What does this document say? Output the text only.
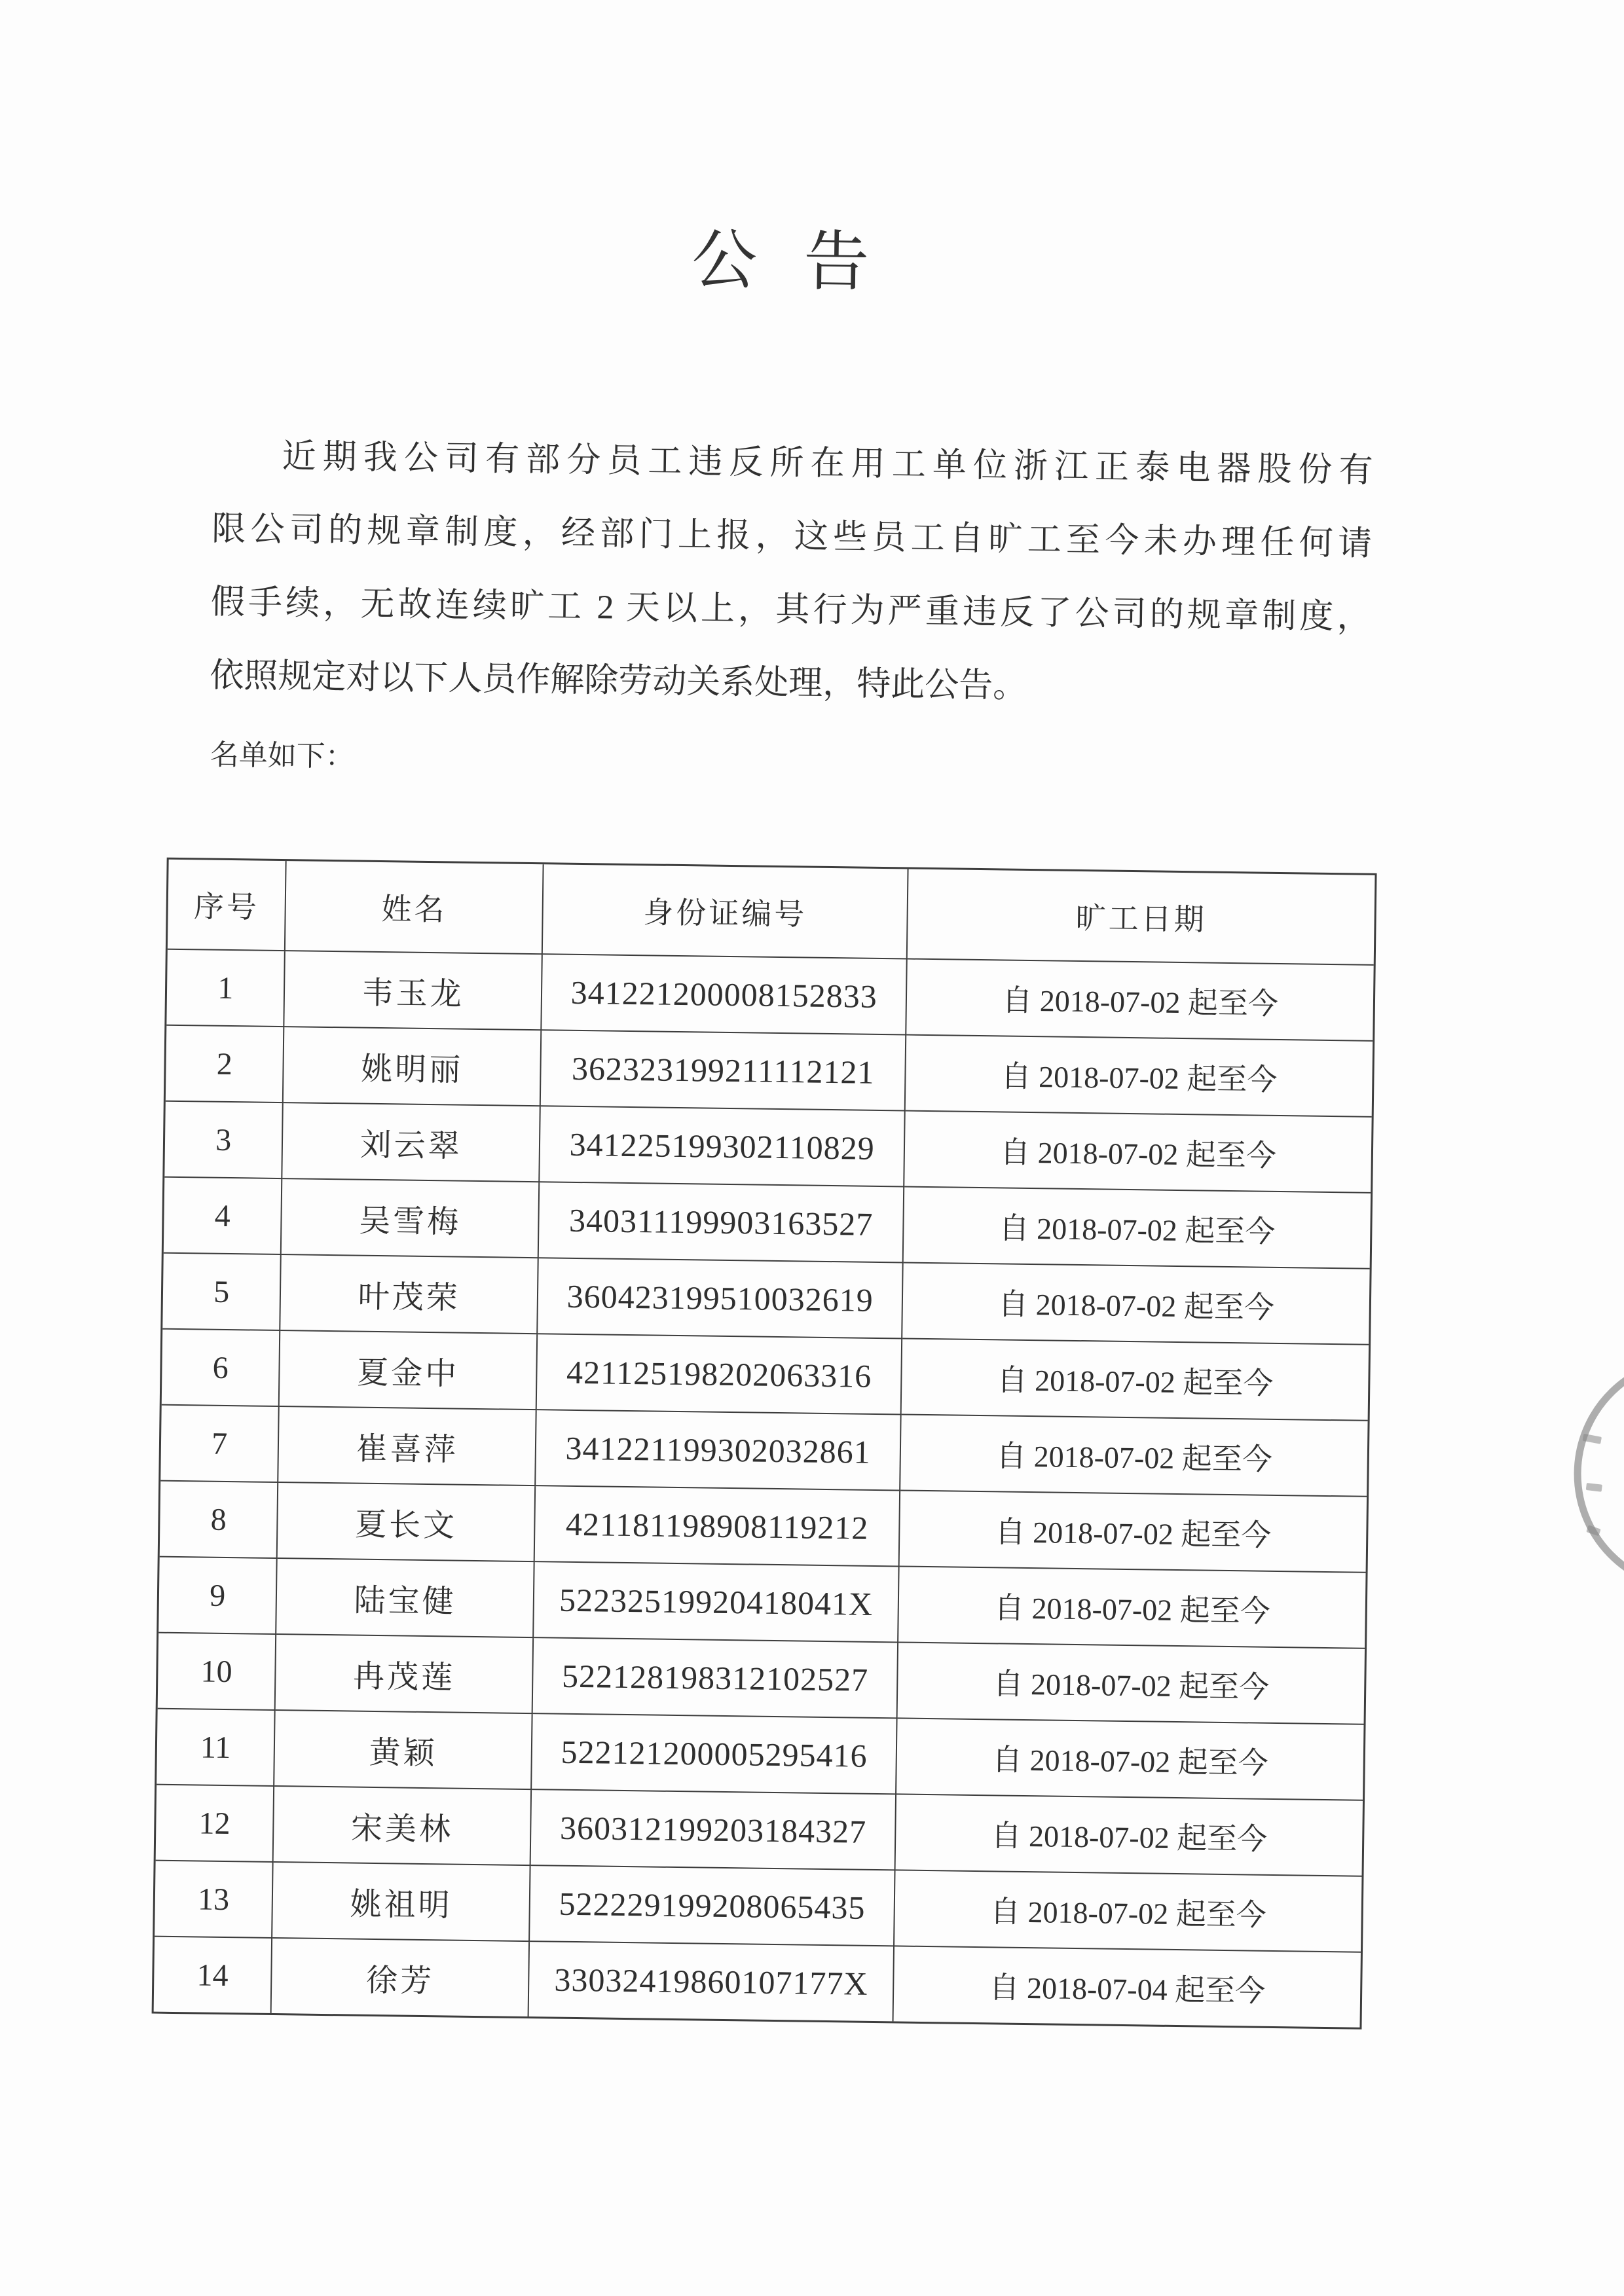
公 告
近期我公司有部分员工违反所在用工单位浙江正泰电器股份有
限公司的规章制度，经部门上报，这些员工自旷工至今未办理任何请
假手续，无故连续旷工 2 天以上，其行为严重违反了公司的规章制度，
依照规定对以下人员作解除劳动关系处理，特此公告。
名单如下：
序号	姓名	身份证编号	旷工日期
1	韦玉龙	341221200008152833	自 2018-07-02 起至今
2	姚明丽	362323199211112121	自 2018-07-02 起至今
3	刘云翠	341225199302110829	自 2018-07-02 起至今
4	吴雪梅	340311199903163527	自 2018-07-02 起至今
5	叶茂荣	360423199510032619	自 2018-07-02 起至今
6	夏金中	421125198202063316	自 2018-07-02 起至今
7	崔喜萍	341221199302032861	自 2018-07-02 起至今
8	夏长文	421181198908119212	自 2018-07-02 起至今
9	陆宝健	52232519920418041X	自 2018-07-02 起至今
10	冉茂莲	522128198312102527	自 2018-07-02 起至今
11	黄颖	522121200005295416	自 2018-07-02 起至今
12	宋美林	360312199203184327	自 2018-07-02 起至今
13	姚祖明	522229199208065435	自 2018-07-02 起至今
14	徐芳	33032419860107177X	自 2018-07-04 起至今
